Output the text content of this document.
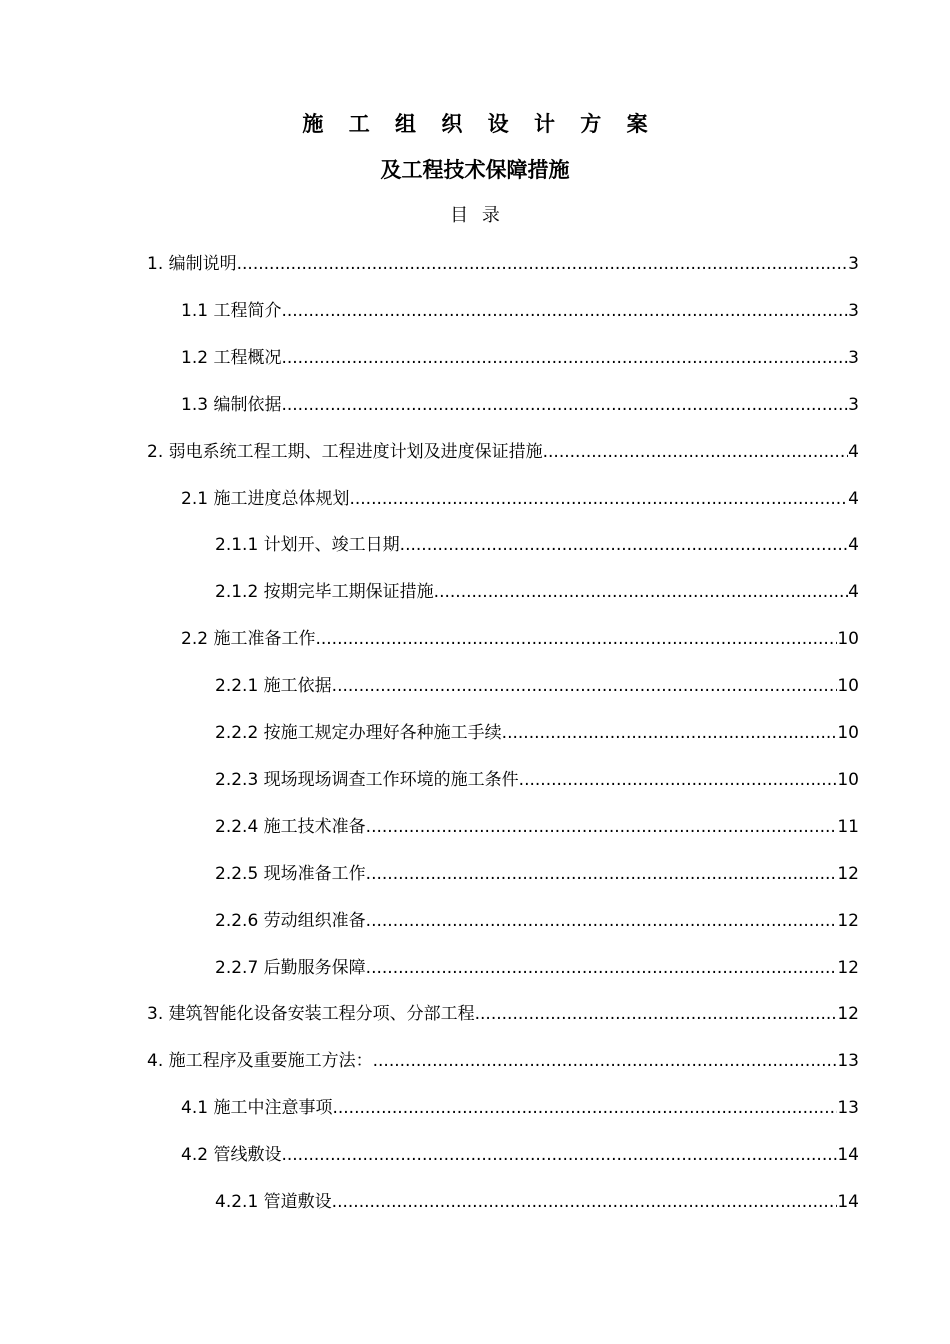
施 工 组 织 设 计 方 案
及工程技术保障措施
目 录
1. 编制说明 .....	3
1.1 工程简介 .....	3
1.2 工程概况 .....	3
1.3 编制依据 .....	3
2. 弱电系统工程工期、工程进度计划及进度保证措施 .....	4
2.1 施工进度总体规划 .....	4
2.1.1 计划开、竣工日期 .....	4
2.1.2 按期完毕工期保证措施 .....	4
2.2 施工准备工作 .....	10
2.2.1 施工依据 .....	10
2.2.2 按施工规定办理好各种施工手续 .....	10
2.2.3 现场现场调查工作环境的施工条件 .....	10
2.2.4 施工技术准备 .....	11
2.2.5 现场准备工作 .....	12
2.2.6 劳动组织准备 .....	12
2.2.7 后勤服务保障 .....	12
3. 建筑智能化设备安装工程分项、分部工程 .....	12
4. 施工程序及重要施工方法： .....	13
4.1 施工中注意事项 .....	13
4.2 管线敷设 .....	14
4.2.1 管道敷设 .....	14
